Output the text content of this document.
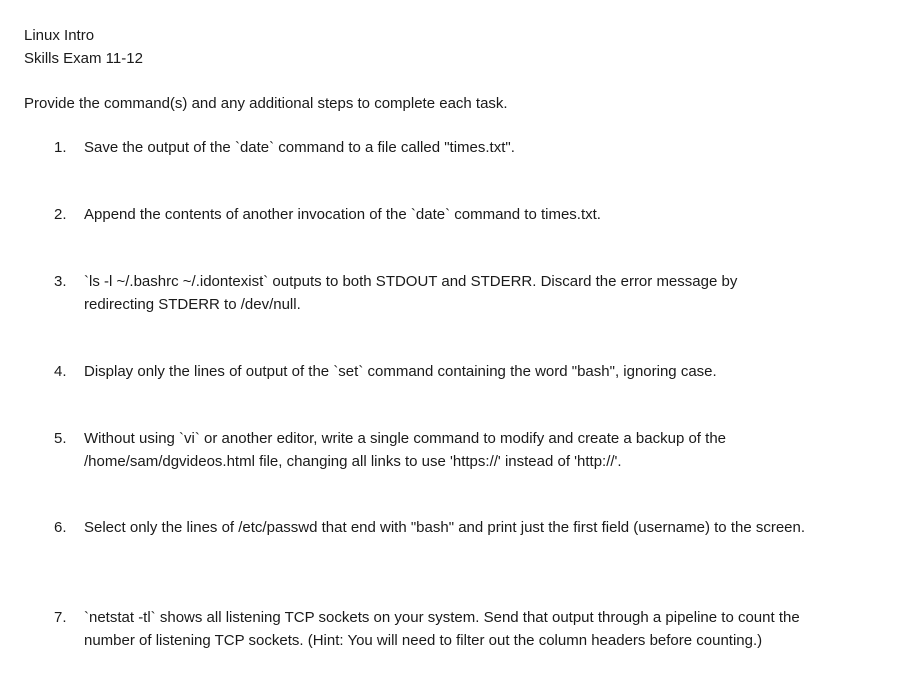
Linux Intro

Skills Exam 11-12

Provide the command(s) and any additional steps to complete each task.

1.	Save the output of the `date` command to a file called "times.txt".
2.	Append the contents of another invocation of the `date` command to times.txt.
3.	`ls -l ~/.bashrc ~/.idontexist` outputs to both STDOUT and STDERR. Discard the error message by redirecting STDERR to /dev/null.
4.	Display only the lines of output of the `set` command containing the word "bash", ignoring case.
5.	Without using `vi` or another editor, write a single command to modify and create a backup of the /home/sam/dgvideos.html file, changing all links to use 'https://' instead of 'http://'.
6.	Select only the lines of /etc/passwd that end with "bash" and print just the first field (username) to the screen.
7.	`netstat -tl` shows all listening TCP sockets on your system. Send that output through a pipeline to count the number of listening TCP sockets. (Hint: You will need to filter out the column headers before counting.)
